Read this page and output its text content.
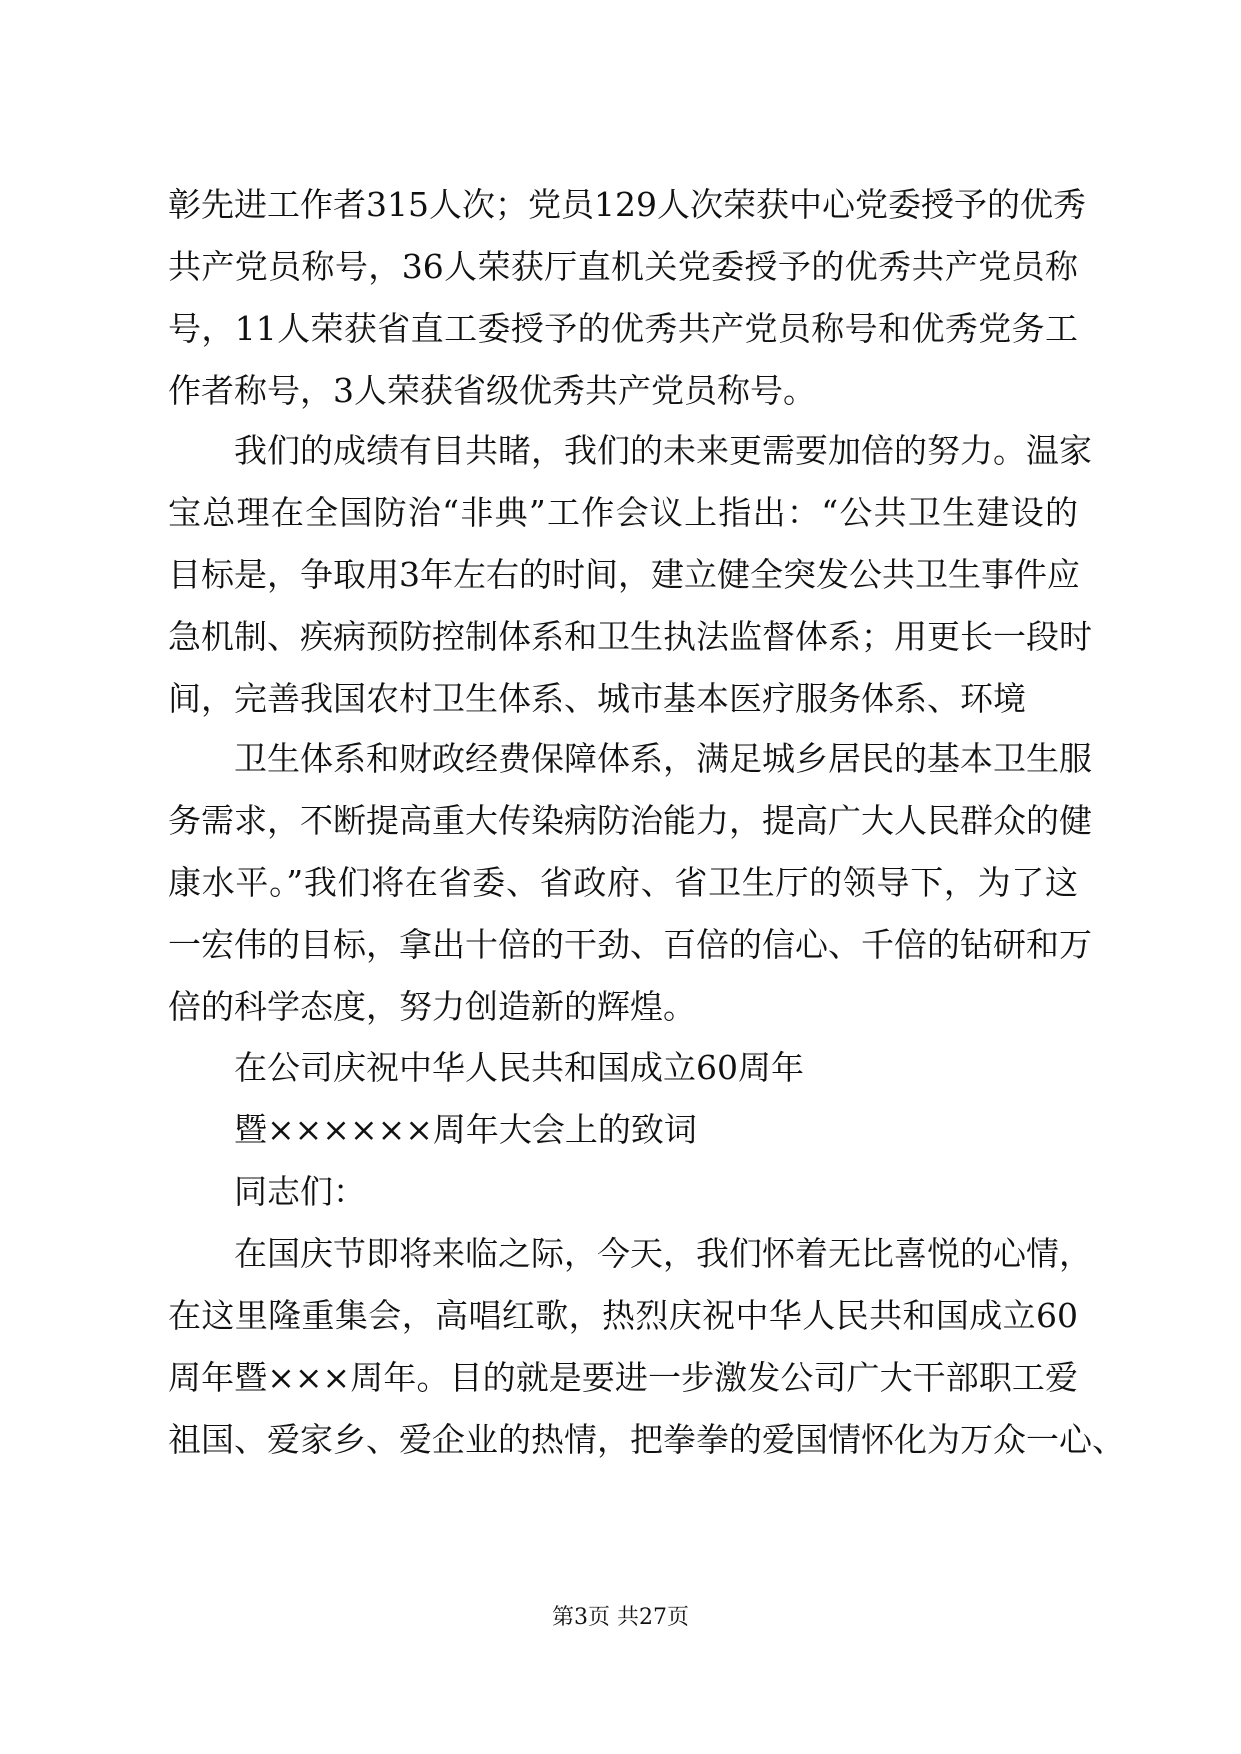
彰先进工作者315人次；党员129人次荣获中心党委授予的优秀
共产党员称号，36人荣获厅直机关党委授予的优秀共产党员称
号，11人荣获省直工委授予的优秀共产党员称号和优秀党务工
作者称号，3人荣获省级优秀共产党员称号。

我们的成绩有目共睹，我们的未来更需要加倍的努力。温家
宝总理在全国防治“非典”工作会议上指出：“公共卫生建设的
目标是，争取用3年左右的时间，建立健全突发公共卫生事件应
急机制、疾病预防控制体系和卫生执法监督体系；用更长一段时
间，完善我国农村卫生体系、城市基本医疗服务体系、环境

卫生体系和财政经费保障体系，满足城乡居民的基本卫生服
务需求，不断提高重大传染病防治能力，提高广大人民群众的健
康水平。”我们将在省委、省政府、省卫生厅的领导下，为了这
一宏伟的目标，拿出十倍的干劲、百倍的信心、千倍的钻研和万
倍的科学态度，努力创造新的辉煌。

在公司庆祝中华人民共和国成立60周年

暨××××××周年大会上的致词

同志们：

在国庆节即将来临之际，今天，我们怀着无比喜悦的心情，
在这里隆重集会，高唱红歌，热烈庆祝中华人民共和国成立60
周年暨×××周年。目的就是要进一步激发公司广大干部职工爱
祖国、爱家乡、爱企业的热情，把拳拳的爱国情怀化为万众一心、

第3页 共27页
